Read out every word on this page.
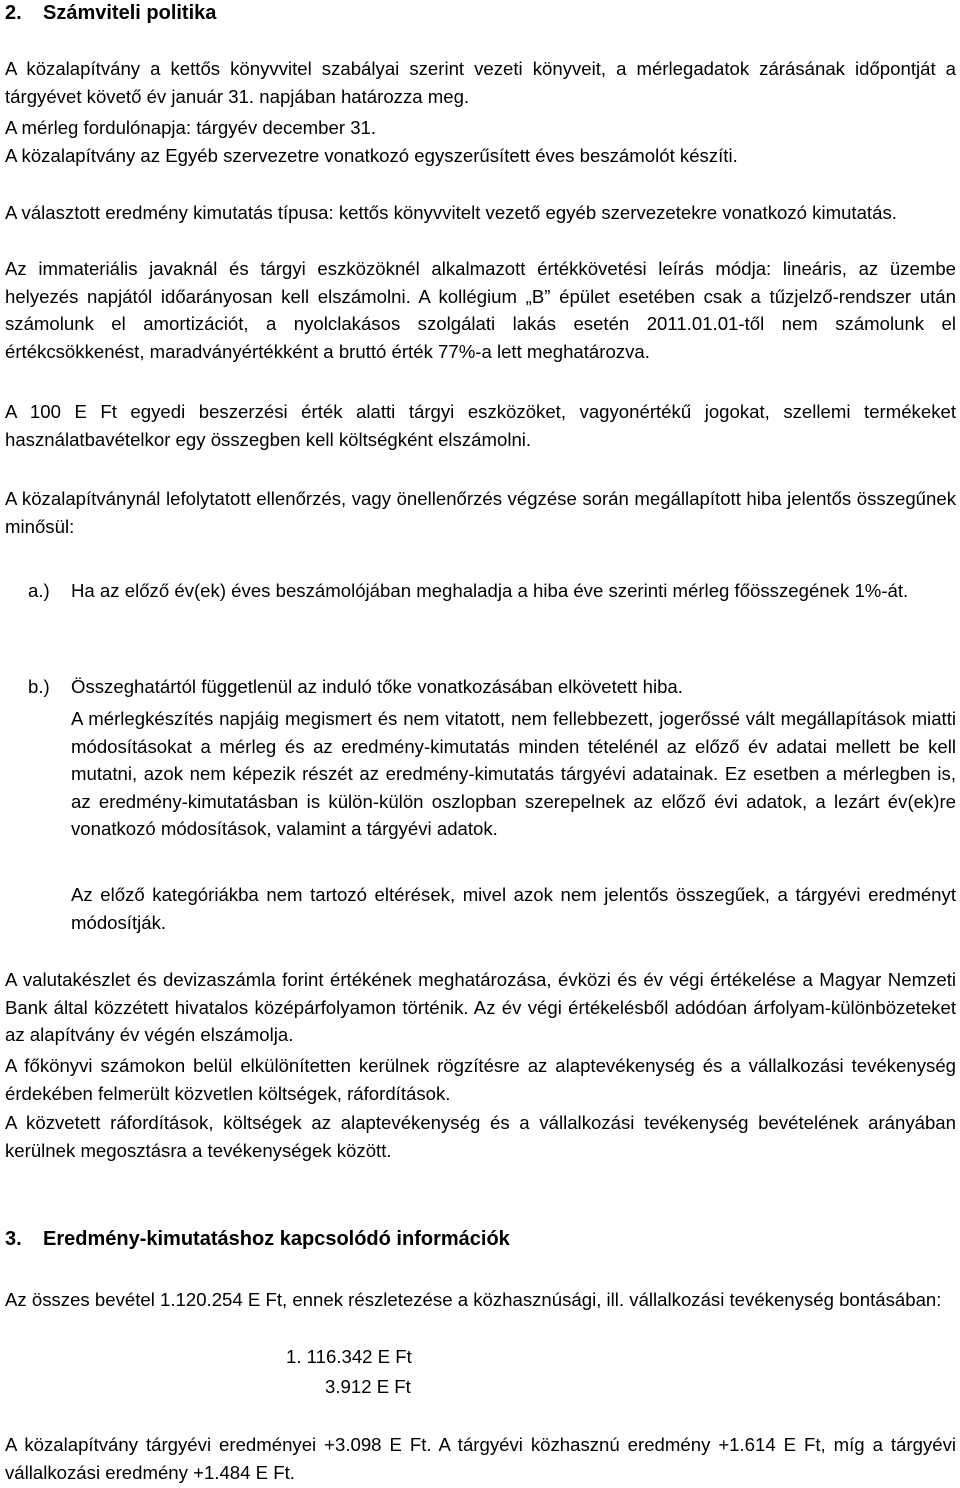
2.	Számviteli politika

A közalapítvány a kettős könyvvitel szabályai szerint vezeti könyveit, a mérlegadatok zárásának időpontját a tárgyévet követő év január 31. napjában határozza meg.

A mérleg fordulónapja: tárgyév december 31.

A közalapítvány az Egyéb szervezetre vonatkozó egyszerűsített éves beszámolót készíti.

A választott eredmény kimutatás típusa: kettős könyvvitelt vezető egyéb szervezetekre vonatkozó kimutatás.

Az immateriális javaknál és tárgyi eszközöknél alkalmazott értékkövetési leírás módja: lineáris, az üzembe helyezés napjától időarányosan kell elszámolni. A kollégium „B” épület esetében csak a tűzjelző-rendszer után számolunk el amortizációt, a nyolclakásos szolgálati lakás esetén 2011.01.01-től nem számolunk el értékcsökkenést, maradványértékként a bruttó érték 77%-a lett meghatározva.

A 100 E Ft egyedi beszerzési érték alatti tárgyi eszközöket, vagyonértékű jogokat, szellemi termékeket használatbavételkor egy összegben kell költségként elszámolni.

A közalapítványnál lefolytatott ellenőrzés, vagy önellenőrzés végzése során megállapított hiba jelentős összegűnek minősül:

a.)	Ha az előző év(ek) éves beszámolójában meghaladja a hiba éve szerinti mérleg főösszegének 1%-át.
b.)	Összeghatártól függetlenül az induló tőke vonatkozásában elkövetett hiba.

A mérlegkészítés napjáig megismert és nem vitatott, nem fellebbezett, jogerőssé vált megállapítások miatti módosításokat a mérleg és az eredmény-kimutatás minden tételénél az előző év adatai mellett be kell mutatni, azok nem képezik részét az eredmény-kimutatás tárgyévi adatainak. Ez esetben a mérlegben is, az eredmény-kimutatásban is külön-külön oszlopban szerepelnek az előző évi adatok, a lezárt év(ek)re vonatkozó módosítások, valamint a tárgyévi adatok.

Az előző kategóriákba nem tartozó eltérések, mivel azok nem jelentős összegűek, a tárgyévi eredményt módosítják.

A valutakészlet és devizaszámla forint értékének meghatározása, évközi és év végi értékelése a Magyar Nemzeti Bank által közzétett hivatalos középárfolyamon történik. Az év végi értékelésből adódóan árfolyam-különbözeteket az alapítvány év végén elszámolja.

A főkönyvi számokon belül elkülönítetten kerülnek rögzítésre az alaptevékenység és a vállalkozási tevékenység érdekében felmerült közvetlen költségek, ráfordítások.

A közvetett ráfordítások, költségek az alaptevékenység és a vállalkozási tevékenység bevételének arányában kerülnek megosztásra a tevékenységek között.

3.	Eredmény-kimutatáshoz kapcsolódó információk

Az összes bevétel 1.120.254 E Ft, ennek részletezése a közhasznúsági, ill. vállalkozási tevékenység bontásában:

1. 116.342 E Ft

3.912 E Ft

A közalapítvány tárgyévi eredményei +3.098 E Ft. A tárgyévi közhasznú eredmény +1.614 E Ft, míg a tárgyévi vállalkozási eredmény +1.484 E Ft.
